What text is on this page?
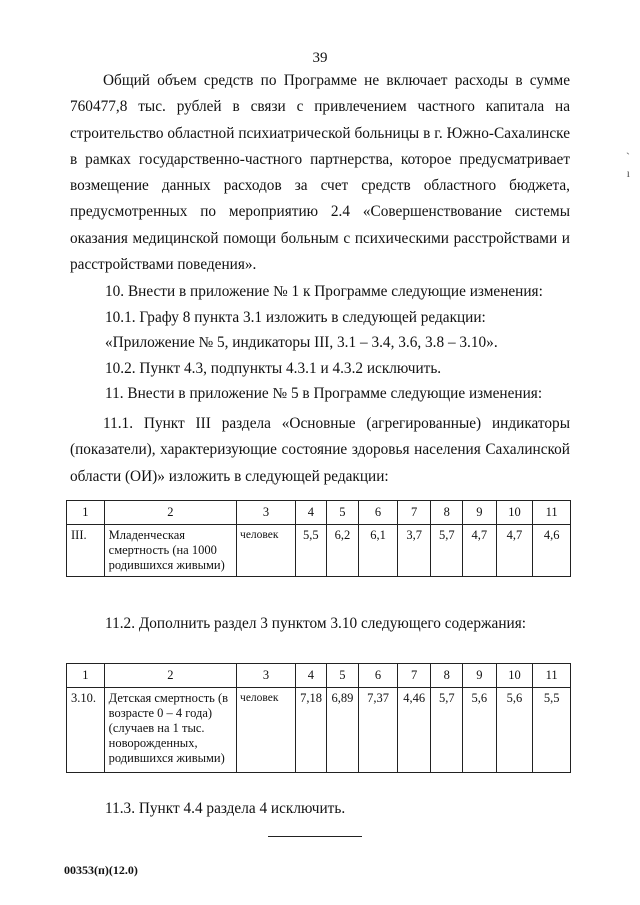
39

Общий объем средств по Программе не включает расходы в сумме 760477,8 тыс. рублей в связи с привлечением частного капитала на строительство областной психиатрической больницы в г. Южно-Сахалинске в рамках государственно-частного партнерства, которое предусматривает возмещение данных расходов за счет средств областного бюджета, предусмотренных по мероприятию 2.4 «Совершенствование системы оказания медицинской помощи больным с психическими расстройствами и расстройствами поведения».

10. Внести в приложение № 1 к Программе следующие изменения:
10.1. Графу 8 пункта 3.1 изложить в следующей редакции:
«Приложение № 5, индикаторы III, 3.1 – 3.4, 3.6, 3.8 – 3.10».
10.2. Пункт 4.3, подпункты 4.3.1 и 4.3.2 исключить.
11. Внести в приложение № 5 в Программе следующие изменения:

11.1. Пункт III раздела «Основные (агрегированные) индикаторы (показатели), характеризующие состояние здоровья населения Сахалинской области (ОИ)» изложить в следующей редакции:

1	2	3	4	5	6	7	8	9	10	11
III.	Младенческая смертность (на 1000 родившихся живыми)	человек	5,5	6,2	6,1	3,7	5,7	4,7	4,7	4,6
11.2. Дополнить раздел 3 пунктом 3.10 следующего содержания:
1	2	3	4	5	6	7	8	9	10	11
3.10.	Детская смертность (в возрасте 0 – 4 года) (случаев на 1 тыс. новорожденных, родившихся живыми)	человек	7,18	6,89	7,37	4,46	5,7	5,6	5,6	5,5
11.3. Пункт 4.4 раздела 4 исключить.
00353(п)(12.0)
`
ı
